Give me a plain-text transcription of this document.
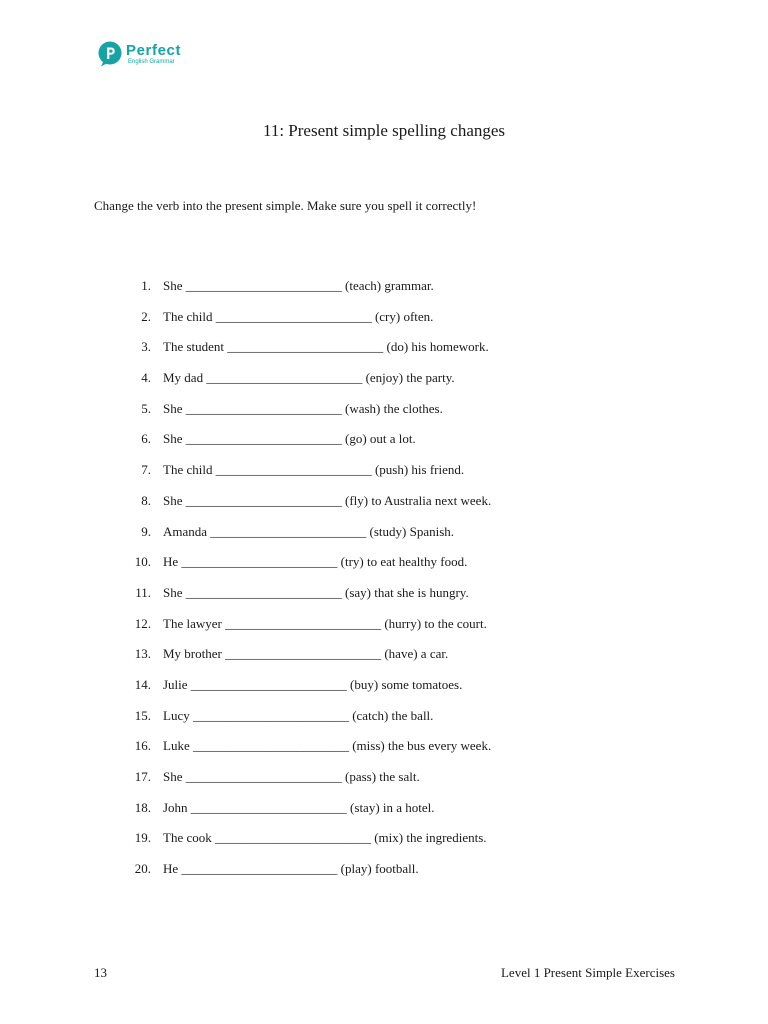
Perfect
English Grammar
11: Present simple spelling changes

Change the verb into the present simple. Make sure you spell it correctly!

1. She ________________________ (teach) grammar.
2. The child ________________________ (cry) often.
3. The student ________________________ (do) his homework.
4. My dad ________________________ (enjoy) the party.
5. She ________________________ (wash) the clothes.
6. She ________________________ (go) out a lot.
7. The child ________________________ (push) his friend.
8. She ________________________ (fly) to Australia next week.
9. Amanda ________________________ (study) Spanish.
10. He ________________________ (try) to eat healthy food.
11. She ________________________ (say) that she is hungry.
12. The lawyer ________________________ (hurry) to the court.
13. My brother ________________________ (have) a car.
14. Julie ________________________ (buy) some tomatoes.
15. Lucy ________________________ (catch) the ball.
16. Luke ________________________ (miss) the bus every week.
17. She ________________________ (pass) the salt.
18. John ________________________ (stay) in a hotel.
19. The cook ________________________ (mix) the ingredients.
20. He ________________________ (play) football.
13	Level 1 Present Simple Exercises
